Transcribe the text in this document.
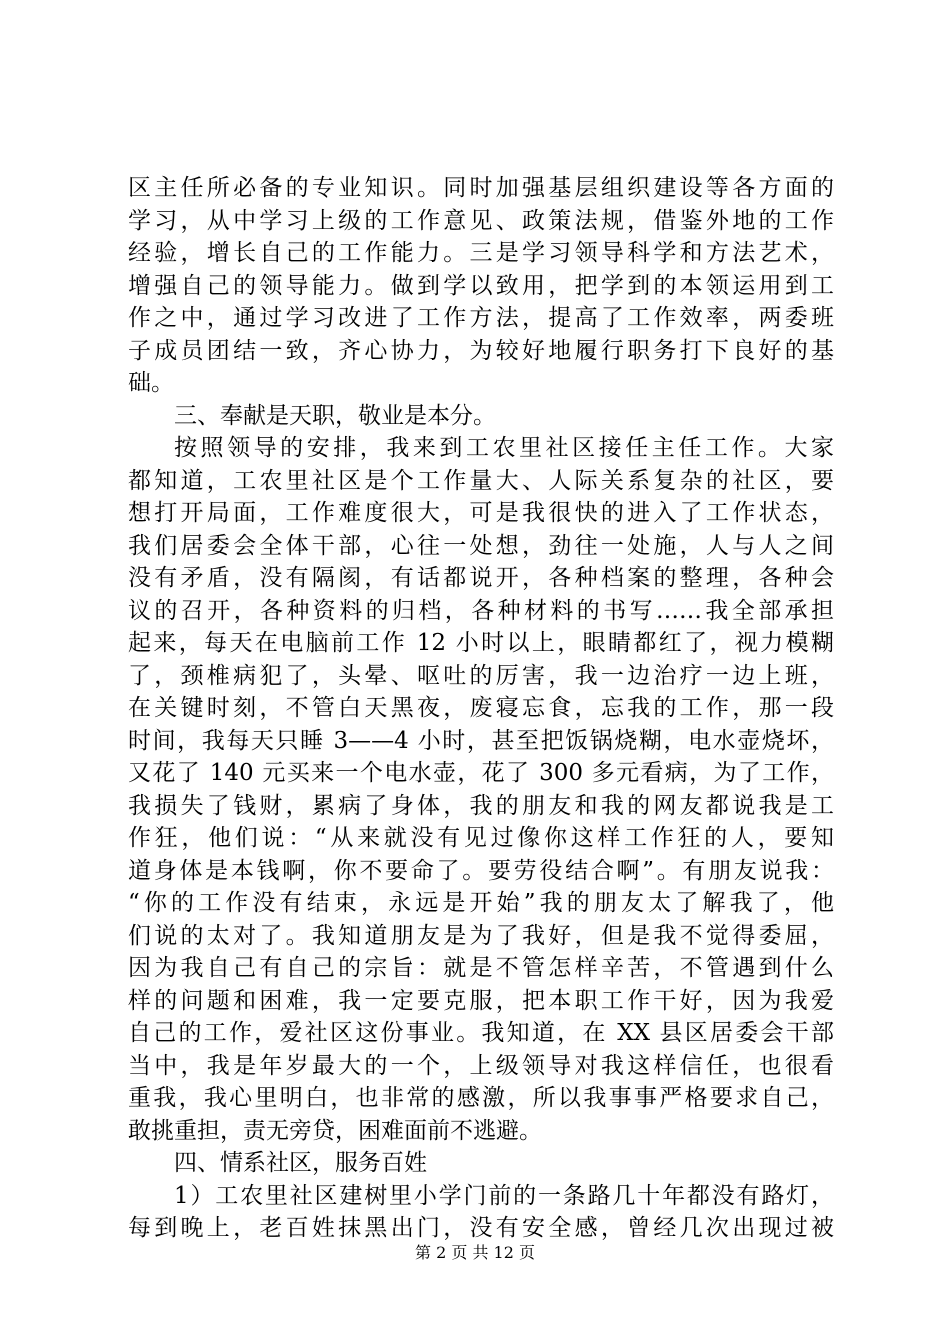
区主任所必备的专业知识。同时加强基层组织建设等各方面的
学习，从中学习上级的工作意见、政策法规，借鉴外地的工作
经验，增长自己的工作能力。三是学习领导科学和方法艺术，
增强自己的领导能力。做到学以致用，把学到的本领运用到工
作之中，通过学习改进了工作方法，提高了工作效率，两委班
子成员团结一致，齐心协力，为较好地履行职务打下良好的基
础。
三、奉献是天职，敬业是本分。
按照领导的安排，我来到工农里社区接任主任工作。大家
都知道，工农里社区是个工作量大、人际关系复杂的社区，要
想打开局面，工作难度很大，可是我很快的进入了工作状态，
我们居委会全体干部，心往一处想，劲往一处施，人与人之间
没有矛盾，没有隔阂，有话都说开，各种档案的整理，各种会
议的召开，各种资料的归档，各种材料的书写……我全部承担
起来，每天在电脑前工作 12 小时以上，眼睛都红了，视力模糊
了，颈椎病犯了，头晕、呕吐的厉害，我一边治疗一边上班，
在关键时刻，不管白天黑夜，废寝忘食，忘我的工作，那一段
时间，我每天只睡 3——4 小时，甚至把饭锅烧糊，电水壶烧坏，
又花了 140 元买来一个电水壶，花了 300 多元看病，为了工作，
我损失了钱财，累病了身体，我的朋友和我的网友都说我是工
作狂，他们说：“从来就没有见过像你这样工作狂的人，要知
道身体是本钱啊，你不要命了。要劳役结合啊”。有朋友说我：
“你的工作没有结束，永远是开始”我的朋友太了解我了，他
们说的太对了。我知道朋友是为了我好，但是我不觉得委屈，
因为我自己有自己的宗旨：就是不管怎样辛苦，不管遇到什么
样的问题和困难，我一定要克服，把本职工作干好，因为我爱
自己的工作，爱社区这份事业。我知道，在 XX 县区居委会干部
当中，我是年岁最大的一个，上级领导对我这样信任，也很看
重我，我心里明白，也非常的感激，所以我事事严格要求自己，
敢挑重担，责无旁贷，困难面前不逃避。
四、情系社区，服务百姓
1）工农里社区建树里小学门前的一条路几十年都没有路灯，
每到晚上，老百姓抹黑出门，没有安全感，曾经几次出现过被
第 2 页 共 12 页
